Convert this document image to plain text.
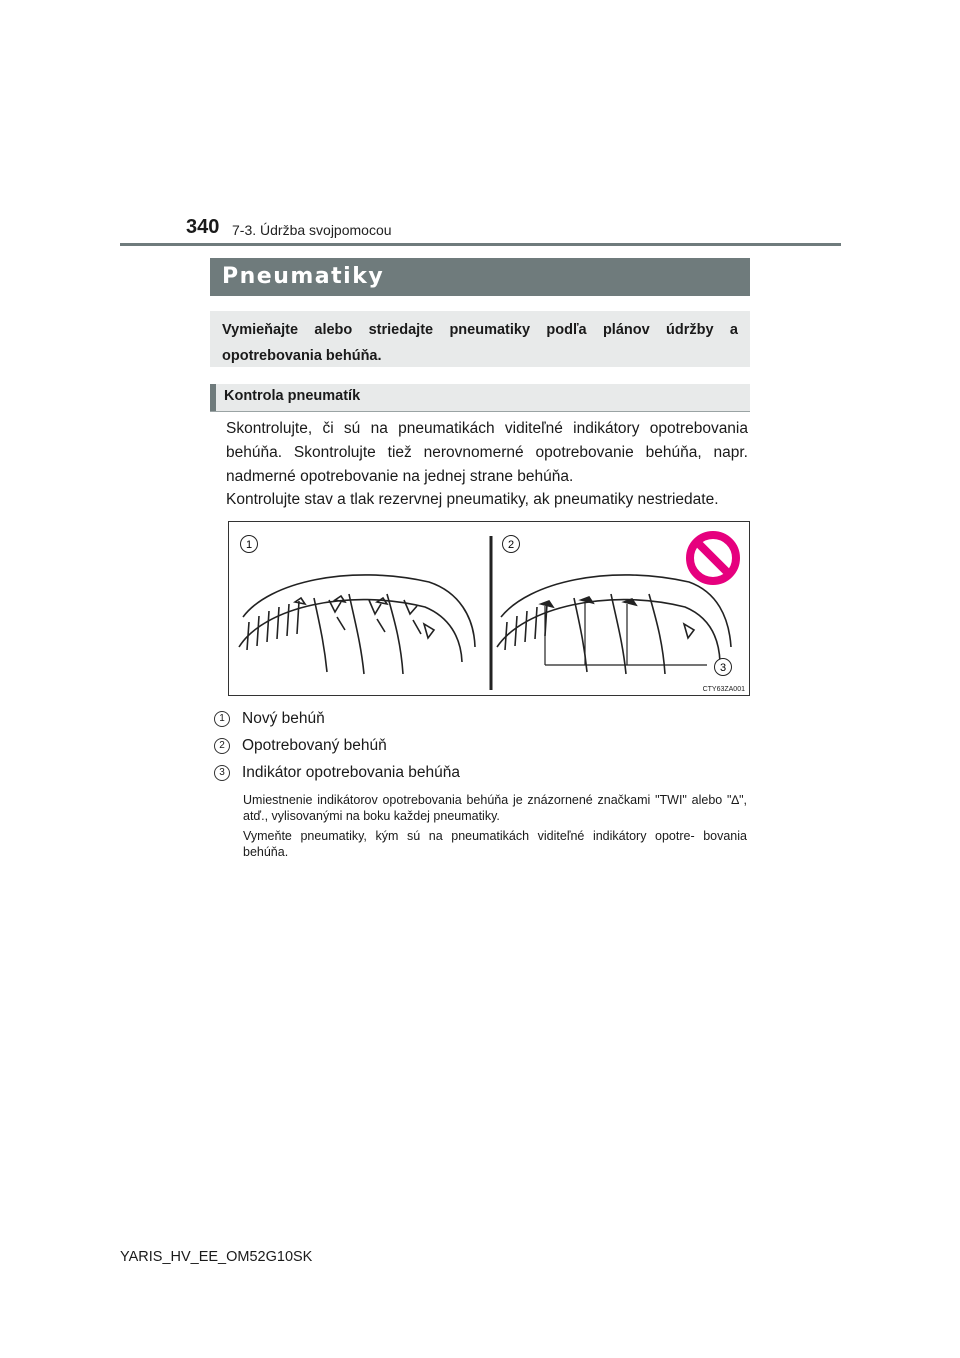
340 7-3. Údržba svojpomocou
Pneumatiky
Vymieňajte alebo striedajte pneumatiky podľa plánov údržby a opotrebovania behúňa.
Kontrola pneumatík
Skontrolujte, či sú na pneumatikách viditeľné indikátory opotrebovania behúňa. Skontrolujte tiež nerovnomerné opotrebovanie behúňa, napr. nadmerné opotrebovanie na jednej strane behúňa.
Kontrolujte stav a tlak rezervnej pneumatiky, ak pneumatiky nestriedate.
1	2
3
CTY63ZA001
1 Nový behúň
2 Opotrebovaný behúň
3 Indikátor opotrebovania behúňa
Umiestnenie indikátorov opotrebovania behúňa je znázornené značkami "TWI" alebo "∆", atď., vylisovanými na boku každej pneumatiky.
Vymeňte pneumatiky, kým sú na pneumatikách viditeľné indikátory opotre- bovania behúňa.
YARIS_HV_EE_OM52G10SK
